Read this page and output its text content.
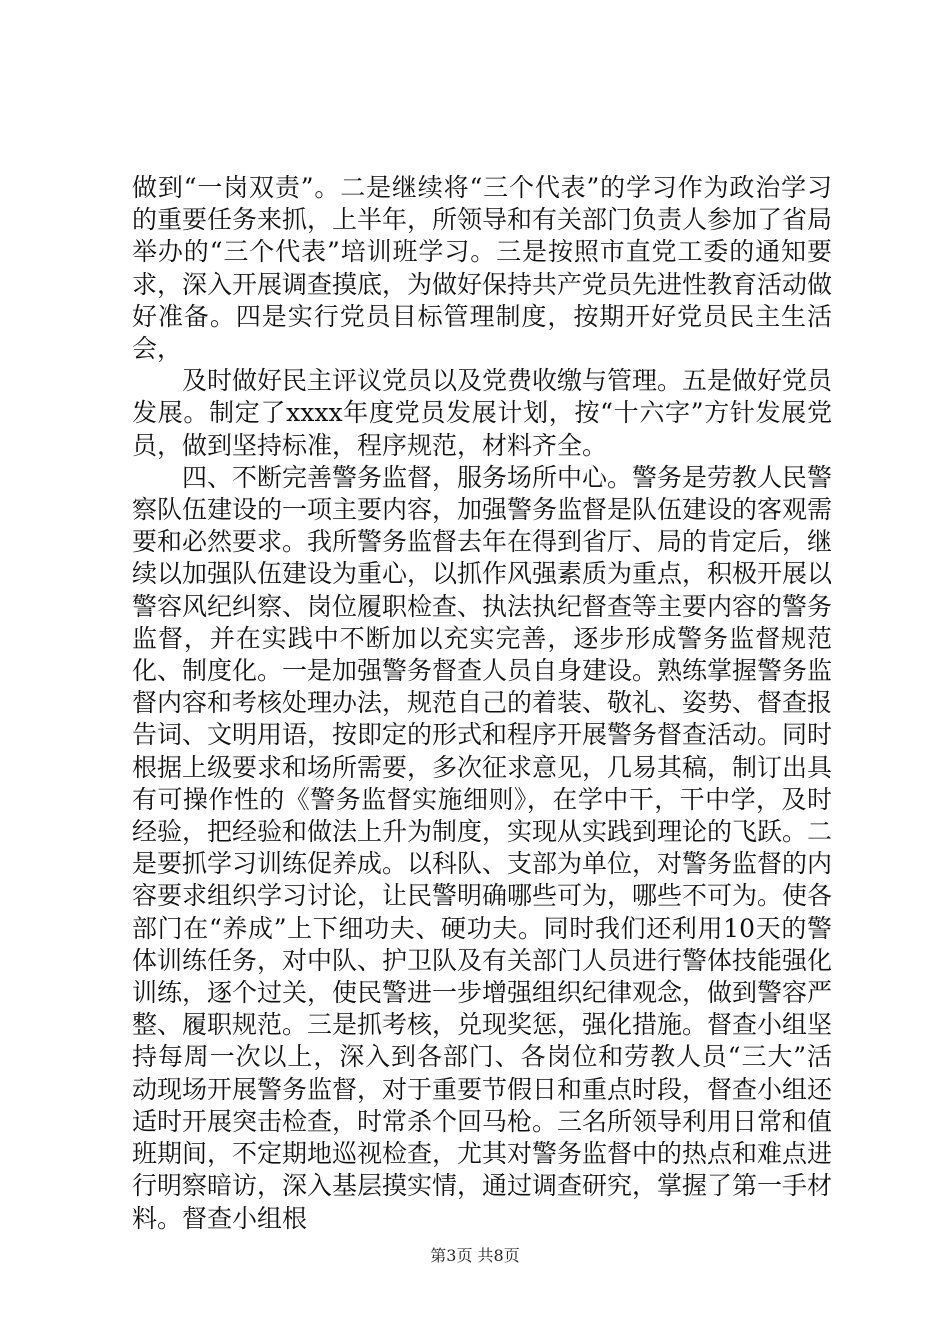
做到“一岗双责”。二是继续将“三个代表”的学习作为政治学习的重要任务来抓，上半年，所领导和有关部门负责人参加了省局举办的“三个代表”培训班学习。三是按照市直党工委的通知要求，深入开展调查摸底，为做好保持共产党员先进性教育活动做好准备。四是实行党员目标管理制度，按期开好党员民主生活会，

及时做好民主评议党员以及党费收缴与管理。五是做好党员发展。制定了xxxx年度党员发展计划，按“十六字”方针发展党员，做到坚持标准，程序规范，材料齐全。

四、不断完善警务监督，服务场所中心。警务是劳教人民警察队伍建设的一项主要内容，加强警务监督是队伍建设的客观需要和必然要求。我所警务监督去年在得到省厅、局的肯定后，继续以加强队伍建设为重心，以抓作风强素质为重点，积极开展以警容风纪纠察、岗位履职检查、执法执纪督查等主要内容的警务监督，并在实践中不断加以充实完善，逐步形成警务监督规范化、制度化。一是加强警务督查人员自身建设。熟练掌握警务监督内容和考核处理办法，规范自己的着装、敬礼、姿势、督查报告词、文明用语，按即定的形式和程序开展警务督查活动。同时根据上级要求和场所需要，多次征求意见，几易其稿，制订出具有可操作性的《警务监督实施细则》，在学中干，干中学，及时经验，把经验和做法上升为制度，实现从实践到理论的飞跃。二是要抓学习训练促养成。以科队、支部为单位，对警务监督的内容要求组织学习讨论，让民警明确哪些可为，哪些不可为。使各部门在“养成”上下细功夫、硬功夫。同时我们还利用10天的警体训练任务，对中队、护卫队及有关部门人员进行警体技能强化训练，逐个过关，使民警进一步增强组织纪律观念，做到警容严整、履职规范。三是抓考核，兑现奖惩，强化措施。督查小组坚持每周一次以上，深入到各部门、各岗位和劳教人员“三大”活动现场开展警务监督，对于重要节假日和重点时段，督查小组还适时开展突击检查，时常杀个回马枪。三名所领导利用日常和值班期间，不定期地巡视检查，尤其对警务监督中的热点和难点进行明察暗访，深入基层摸实情，通过调查研究，掌握了第一手材料。督查小组根

第3页 共8页
